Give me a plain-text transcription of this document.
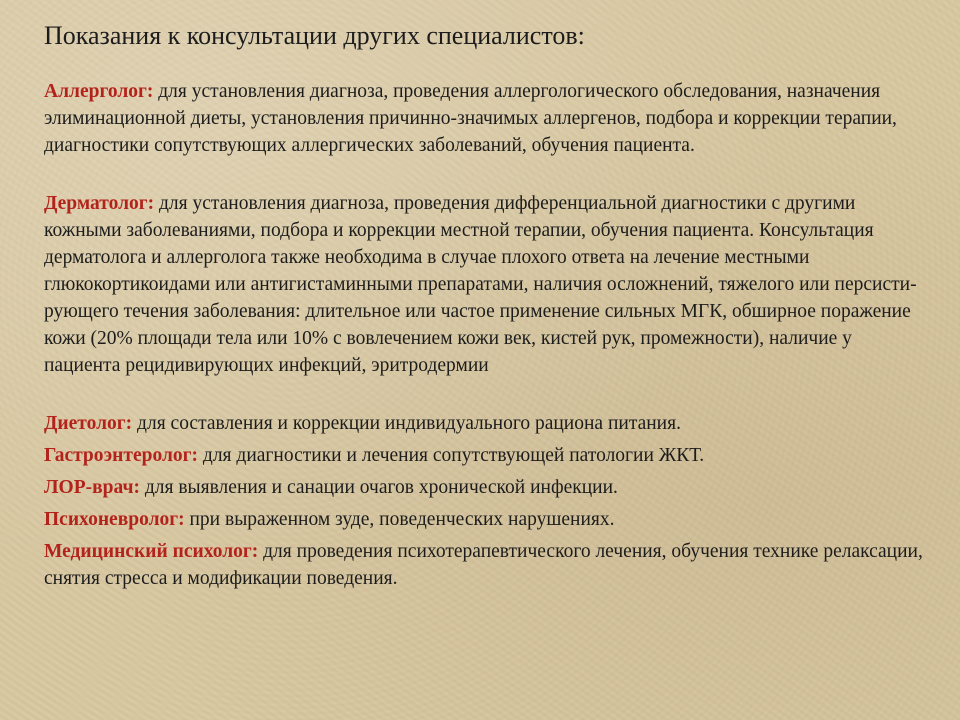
Показания к консультации других специалистов:

Аллерголог: для установления диагноза, проведения аллергологического обследования, назначения элиминационной диеты, установления причинно-значимых аллергенов, подбора и коррекции терапии, диагностики сопутствующих аллергических заболеваний, обучения пациента.

Дерматолог: для установления диагноза, проведения дифференциальной диагностики с другими кожными заболеваниями, подбора и коррекции местной терапии, обучения пациента. Консультация дерматолога и аллерголога также необходима в случае плохого ответа на лечение местными глюкокортикоидами или антигистаминными препаратами, наличия осложнений, тяжелого или персисти-рующего течения заболевания: длительное или частое применение сильных МГК, обширное поражение кожи (20% площади тела или 10% с вовлечением кожи век, кистей рук, промежности), наличие у пациента рецидивирующих инфекций, эритродермии

Диетолог: для составления и коррекции индивидуального рациона питания.

Гастроэнтеролог: для диагностики и лечения сопутствующей патологии ЖКТ.

ЛОР-врач: для выявления и санации очагов хронической инфекции.

Психоневролог: при выраженном зуде, поведенческих нарушениях.

Медицинский психолог: для проведения психотерапевтического лечения, обучения технике релаксации, снятия стресса и модификации поведения.
